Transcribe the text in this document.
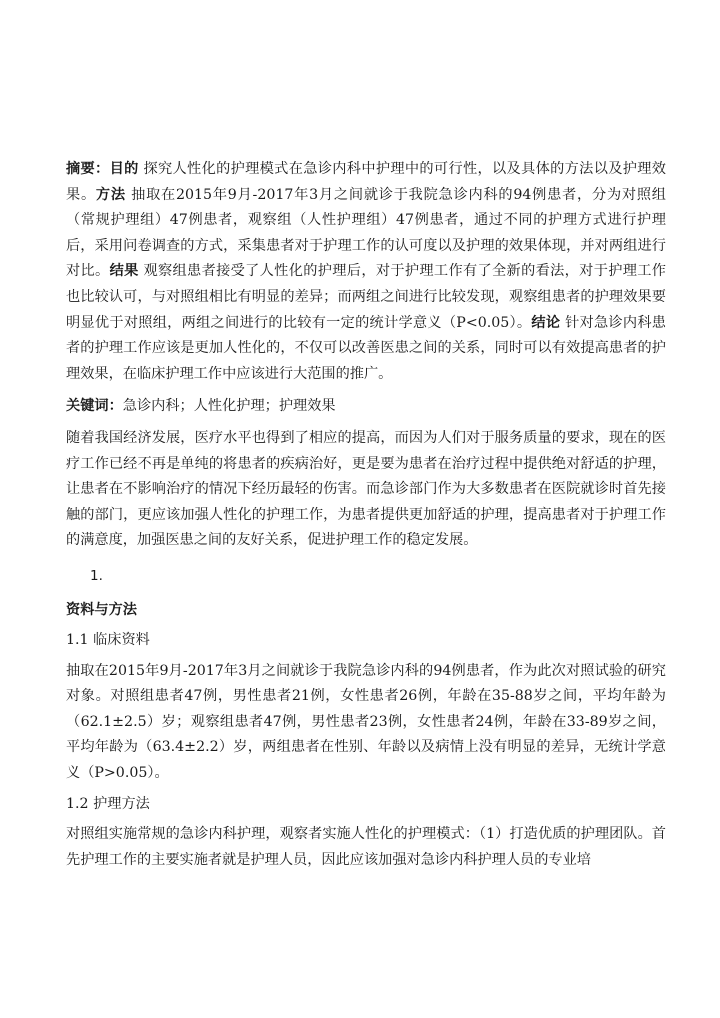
摘要：目的 探究人性化的护理模式在急诊内科中护理中的可行性，以及具体的方法以及护理效果。方法 抽取在2015年9月-2017年3月之间就诊于我院急诊内科的94例患者，分为对照组（常规护理组）47例患者，观察组（人性护理组）47例患者，通过不同的护理方式进行护理后，采用问卷调查的方式，采集患者对于护理工作的认可度以及护理的效果体现，并对两组进行对比。结果 观察组患者接受了人性化的护理后，对于护理工作有了全新的看法，对于护理工作也比较认可，与对照组相比有明显的差异；而两组之间进行比较发现，观察组患者的护理效果要明显优于对照组，两组之间进行的比较有一定的统计学意义（P<0.05）。结论 针对急诊内科患者的护理工作应该是更加人性化的，不仅可以改善医患之间的关系，同时可以有效提高患者的护理效果，在临床护理工作中应该进行大范围的推广。

关键词：急诊内科；人性化护理；护理效果

随着我国经济发展，医疗水平也得到了相应的提高，而因为人们对于服务质量的要求，现在的医疗工作已经不再是单纯的将患者的疾病治好，更是要为患者在治疗过程中提供绝对舒适的护理，让患者在不影响治疗的情况下经历最轻的伤害。而急诊部门作为大多数患者在医院就诊时首先接触的部门，更应该加强人性化的护理工作，为患者提供更加舒适的护理，提高患者对于护理工作的满意度，加强医患之间的友好关系，促进护理工作的稳定发展。

1.

资料与方法

1.1 临床资料

抽取在2015年9月-2017年3月之间就诊于我院急诊内科的94例患者，作为此次对照试验的研究对象。对照组患者47例，男性患者21例，女性患者26例，年龄在35-88岁之间，平均年龄为（62.1±2.5）岁；观察组患者47例，男性患者23例，女性患者24例，年龄在33-89岁之间，平均年龄为（63.4±2.2）岁，两组患者在性别、年龄以及病情上没有明显的差异，无统计学意义（P>0.05）。

1.2 护理方法

对照组实施常规的急诊内科护理，观察者实施人性化的护理模式：（1）打造优质的护理团队。首先护理工作的主要实施者就是护理人员，因此应该加强对急诊内科护理人员的专业培
